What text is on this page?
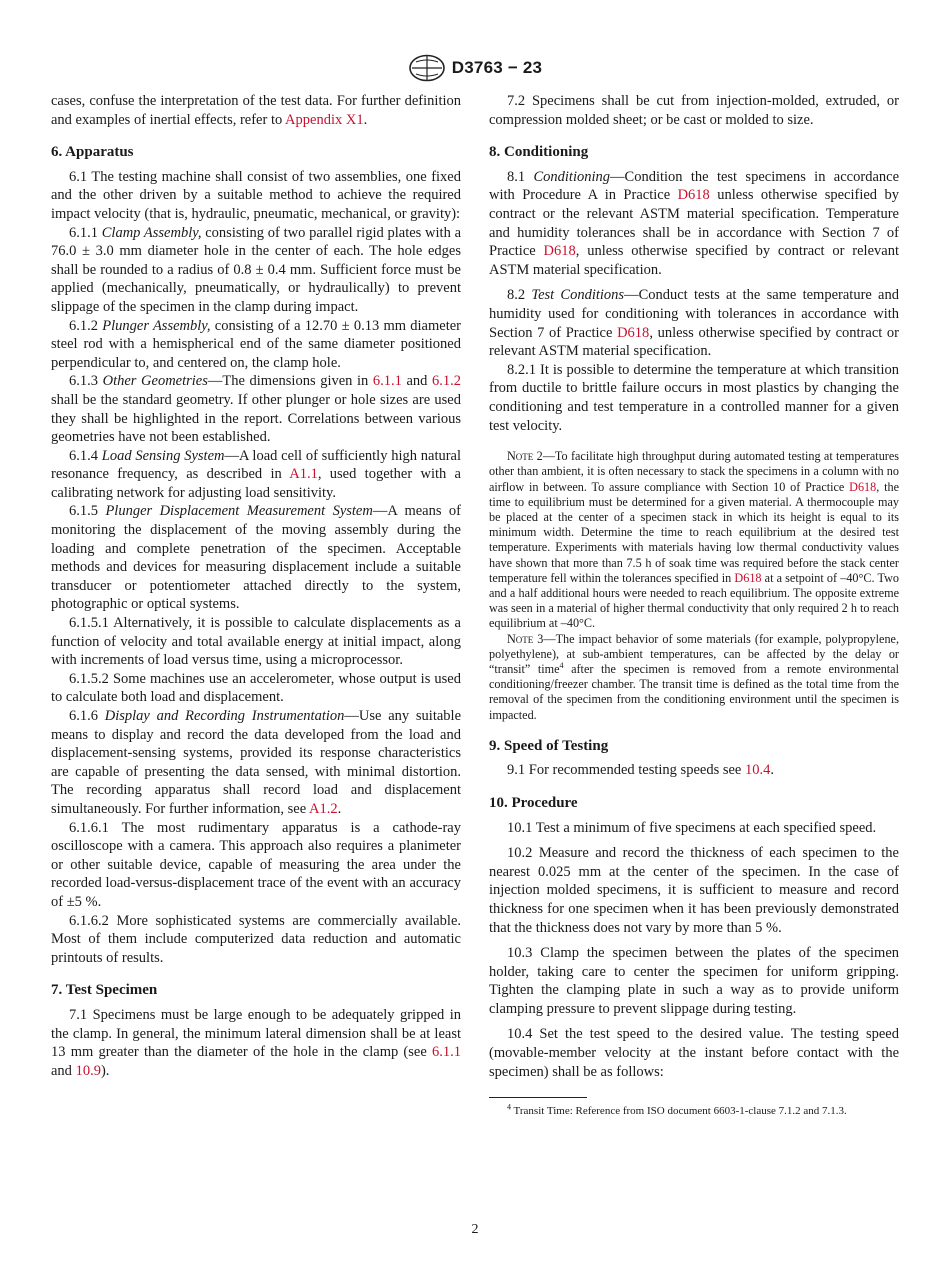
D3763 − 23

cases, confuse the interpretation of the test data. For further definition and examples of inertial effects, refer to Appendix X1.

6. Apparatus

6.1 The testing machine shall consist of two assemblies, one fixed and the other driven by a suitable method to achieve the required impact velocity (that is, hydraulic, pneumatic, mechanical, or gravity):

6.1.1 Clamp Assembly, consisting of two parallel rigid plates with a 76.0 ± 3.0 mm diameter hole in the center of each. The hole edges shall be rounded to a radius of 0.8 ± 0.4 mm. Sufficient force must be applied (mechanically, pneumatically, or hydraulically) to prevent slippage of the specimen in the clamp during impact.

6.1.2 Plunger Assembly, consisting of a 12.70 ± 0.13 mm diameter steel rod with a hemispherical end of the same diameter positioned perpendicular to, and centered on, the clamp hole.

6.1.3 Other Geometries—The dimensions given in 6.1.1 and 6.1.2 shall be the standard geometry. If other plunger or hole sizes are used they shall be highlighted in the report. Correlations between various geometries have not been established.

6.1.4 Load Sensing System—A load cell of sufficiently high natural resonance frequency, as described in A1.1, used together with a calibrating network for adjusting load sensitivity.

6.1.5 Plunger Displacement Measurement System—A means of monitoring the displacement of the moving assembly during the loading and complete penetration of the specimen. Acceptable methods and devices for measuring displacement include a suitable transducer or potentiometer attached directly to the system, photographic or optical systems.

6.1.5.1 Alternatively, it is possible to calculate displacements as a function of velocity and total available energy at initial impact, along with increments of load versus time, using a microprocessor.

6.1.5.2 Some machines use an accelerometer, whose output is used to calculate both load and displacement.

6.1.6 Display and Recording Instrumentation—Use any suitable means to display and record the data developed from the load and displacement-sensing systems, provided its response characteristics are capable of presenting the data sensed, with minimal distortion. The recording apparatus shall record load and displacement simultaneously. For further information, see A1.2.

6.1.6.1 The most rudimentary apparatus is a cathode-ray oscilloscope with a camera. This approach also requires a planimeter or other suitable device, capable of measuring the area under the recorded load-versus-displacement trace of the event with an accuracy of ±5 %.

6.1.6.2 More sophisticated systems are commercially available. Most of them include computerized data reduction and automatic printouts of results.

7. Test Specimen

7.1 Specimens must be large enough to be adequately gripped in the clamp. In general, the minimum lateral dimension shall be at least 13 mm greater than the diameter of the hole in the clamp (see 6.1.1 and 10.9).

7.2 Specimens shall be cut from injection-molded, extruded, or compression molded sheet; or be cast or molded to size.

8. Conditioning

8.1 Conditioning—Condition the test specimens in accordance with Procedure A in Practice D618 unless otherwise specified by contract or the relevant ASTM material specification. Temperature and humidity tolerances shall be in accordance with Section 7 of Practice D618, unless otherwise specified by contract or relevant ASTM material specification.

8.2 Test Conditions—Conduct tests at the same temperature and humidity used for conditioning with tolerances in accordance with Section 7 of Practice D618, unless otherwise specified by contract or relevant ASTM material specification.

8.2.1 It is possible to determine the temperature at which transition from ductile to brittle failure occurs in most plastics by changing the conditioning and test temperature in a controlled manner for a given test velocity.

Note 2—To facilitate high throughput during automated testing at temperatures other than ambient, it is often necessary to stack the specimens in a column with no airflow in between. To assure compliance with Section 10 of Practice D618, the time to equilibrium must be determined for a given material. A thermocouple may be placed at the center of a specimen stack in which its height is equal to its minimum width. Determine the time to reach equilibrium at the desired test temperature. Experiments with materials having low thermal conductivity values have shown that more than 7.5 h of soak time was required before the stack center temperature fell within the tolerances specified in D618 at a setpoint of –40°C. Two and a half additional hours were needed to reach equilibrium. The opposite extreme was seen in a material of higher thermal conductivity that only required 2 h to reach equilibrium at –40°C.

Note 3—The impact behavior of some materials (for example, polypropylene, polyethylene), at sub-ambient temperatures, can be affected by the delay or “transit” time$^4$ after the specimen is removed from a remote environmental conditioning/freezer chamber. The transit time is defined as the total time from the removal of the specimen from the conditioning environment until the specimen is impacted.

9. Speed of Testing

9.1 For recommended testing speeds see 10.4.

10. Procedure

10.1 Test a minimum of five specimens at each specified speed.

10.2 Measure and record the thickness of each specimen to the nearest 0.025 mm at the center of the specimen. In the case of injection molded specimens, it is sufficient to measure and record thickness for one specimen when it has been previously demonstrated that the thickness does not vary by more than 5 %.

10.3 Clamp the specimen between the plates of the specimen holder, taking care to center the specimen for uniform gripping. Tighten the clamping plate in such a way as to provide uniform clamping pressure to prevent slippage during testing.

10.4 Set the test speed to the desired value. The testing speed (movable-member velocity at the instant before contact with the specimen) shall be as follows:

$^4$ Transit Time: Reference from ISO document 6603-1-clause 7.1.2 and 7.1.3.

2
